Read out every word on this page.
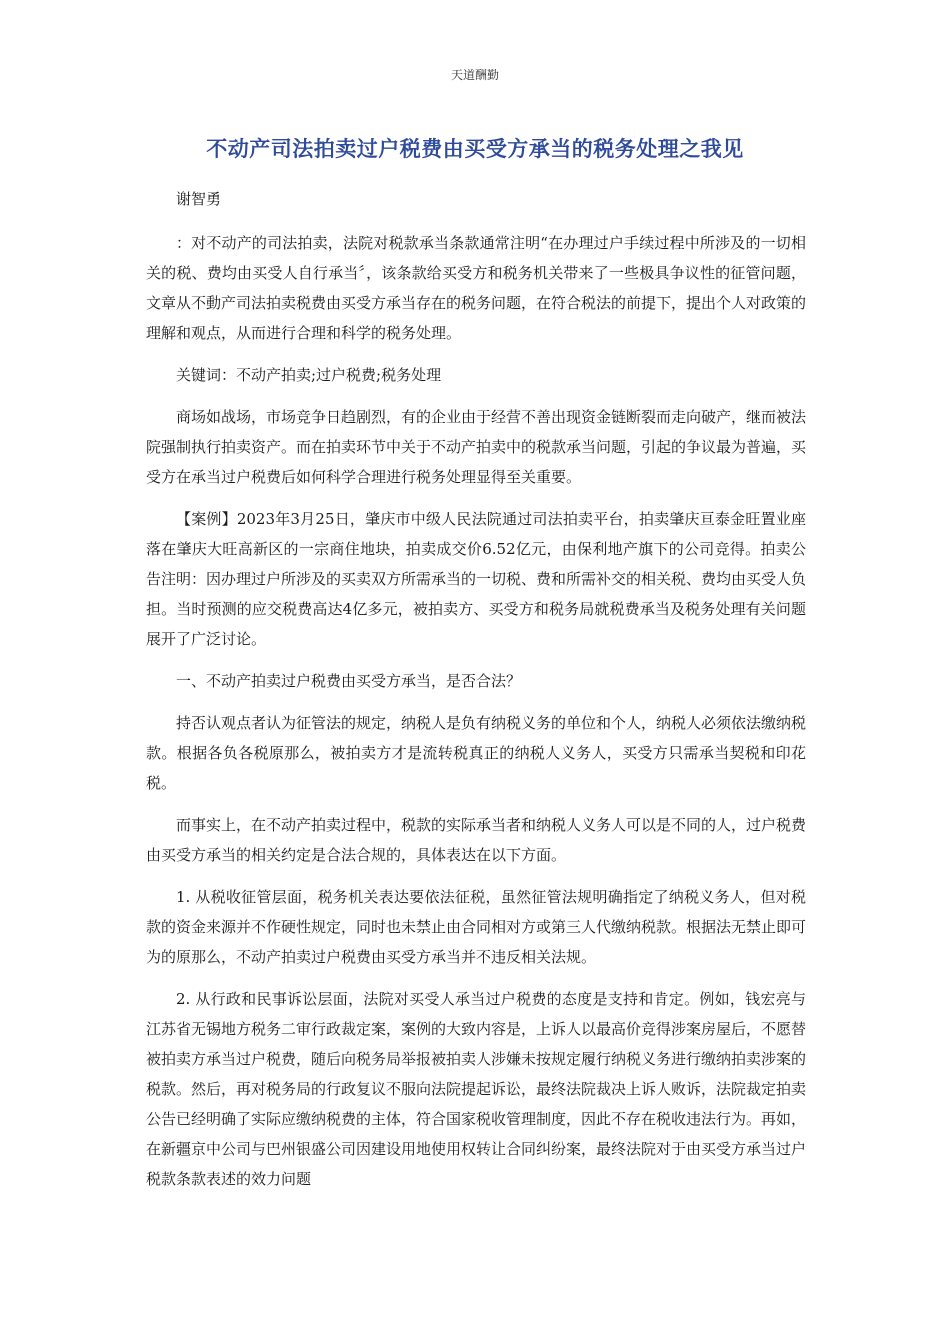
天道酬勤
不动产司法拍卖过户税费由买受方承当的税务处理之我见

谢智勇

：对不动产的司法拍卖，法院对税款承当条款通常注明“在办理过户手续过程中所涉及的一切相关的税、费均由买受人自行承当〞，该条款给买受方和税务机关带来了一些极具争议性的征管问题，文章从不動产司法拍卖税费由买受方承当存在的税务问题，在符合税法的前提下，提出个人对政策的理解和观点，从而进行合理和科学的税务处理。

关键词：不动产拍卖;过户税费;税务处理

商场如战场，市场竞争日趋剧烈，有的企业由于经营不善出现资金链断裂而走向破产，继而被法院强制执行拍卖资产。而在拍卖环节中关于不动产拍卖中的税款承当问题，引起的争议最为普遍，买受方在承当过户税费后如何科学合理进行税务处理显得至关重要。

【案例】2023年3月25日，肇庆市中级人民法院通过司法拍卖平台，拍卖肇庆亘泰金旺置业座落在肇庆大旺高新区的一宗商住地块，拍卖成交价6.52亿元，由保利地产旗下的公司竞得。拍卖公告注明：因办理过户所涉及的买卖双方所需承当的一切税、费和所需补交的相关税、费均由买受人负担。当时预测的应交税费高达4亿多元，被拍卖方、买受方和税务局就税费承当及税务处理有关问题展开了广泛讨论。

一、不动产拍卖过户税费由买受方承当，是否合法？

持否认观点者认为征管法的规定，纳税人是负有纳税义务的单位和个人，纳税人必须依法缴纳税款。根据各负各税原那么，被拍卖方才是流转税真正的纳税人义务人，买受方只需承当契税和印花税。

而事实上，在不动产拍卖过程中，税款的实际承当者和纳税人义务人可以是不同的人，过户税费由买受方承当的相关约定是合法合规的，具体表达在以下方面。

1. 从税收征管层面，税务机关表达要依法征税，虽然征管法规明确指定了纳税义务人，但对税款的资金来源并不作硬性规定，同时也未禁止由合同相对方或第三人代缴纳税款。根据法无禁止即可为的原那么，不动产拍卖过户税费由买受方承当并不违反相关法规。

2. 从行政和民事诉讼层面，法院对买受人承当过户税费的态度是支持和肯定。例如，钱宏亮与江苏省无锡地方税务二审行政裁定案，案例的大致内容是，上诉人以最高价竞得涉案房屋后，不愿替被拍卖方承当过户税费，随后向税务局举报被拍卖人涉嫌未按规定履行纳税义务进行缴纳拍卖涉案的税款。然后，再对税务局的行政复议不服向法院提起诉讼，最终法院裁决上诉人败诉，法院裁定拍卖公告已经明确了实际应缴纳税费的主体，符合国家税收管理制度，因此不存在税收违法行为。再如，在新疆京中公司与巴州银盛公司因建设用地使用权转让合同纠纷案，最终法院对于由买受方承当过户税款条款表述的效力问题
